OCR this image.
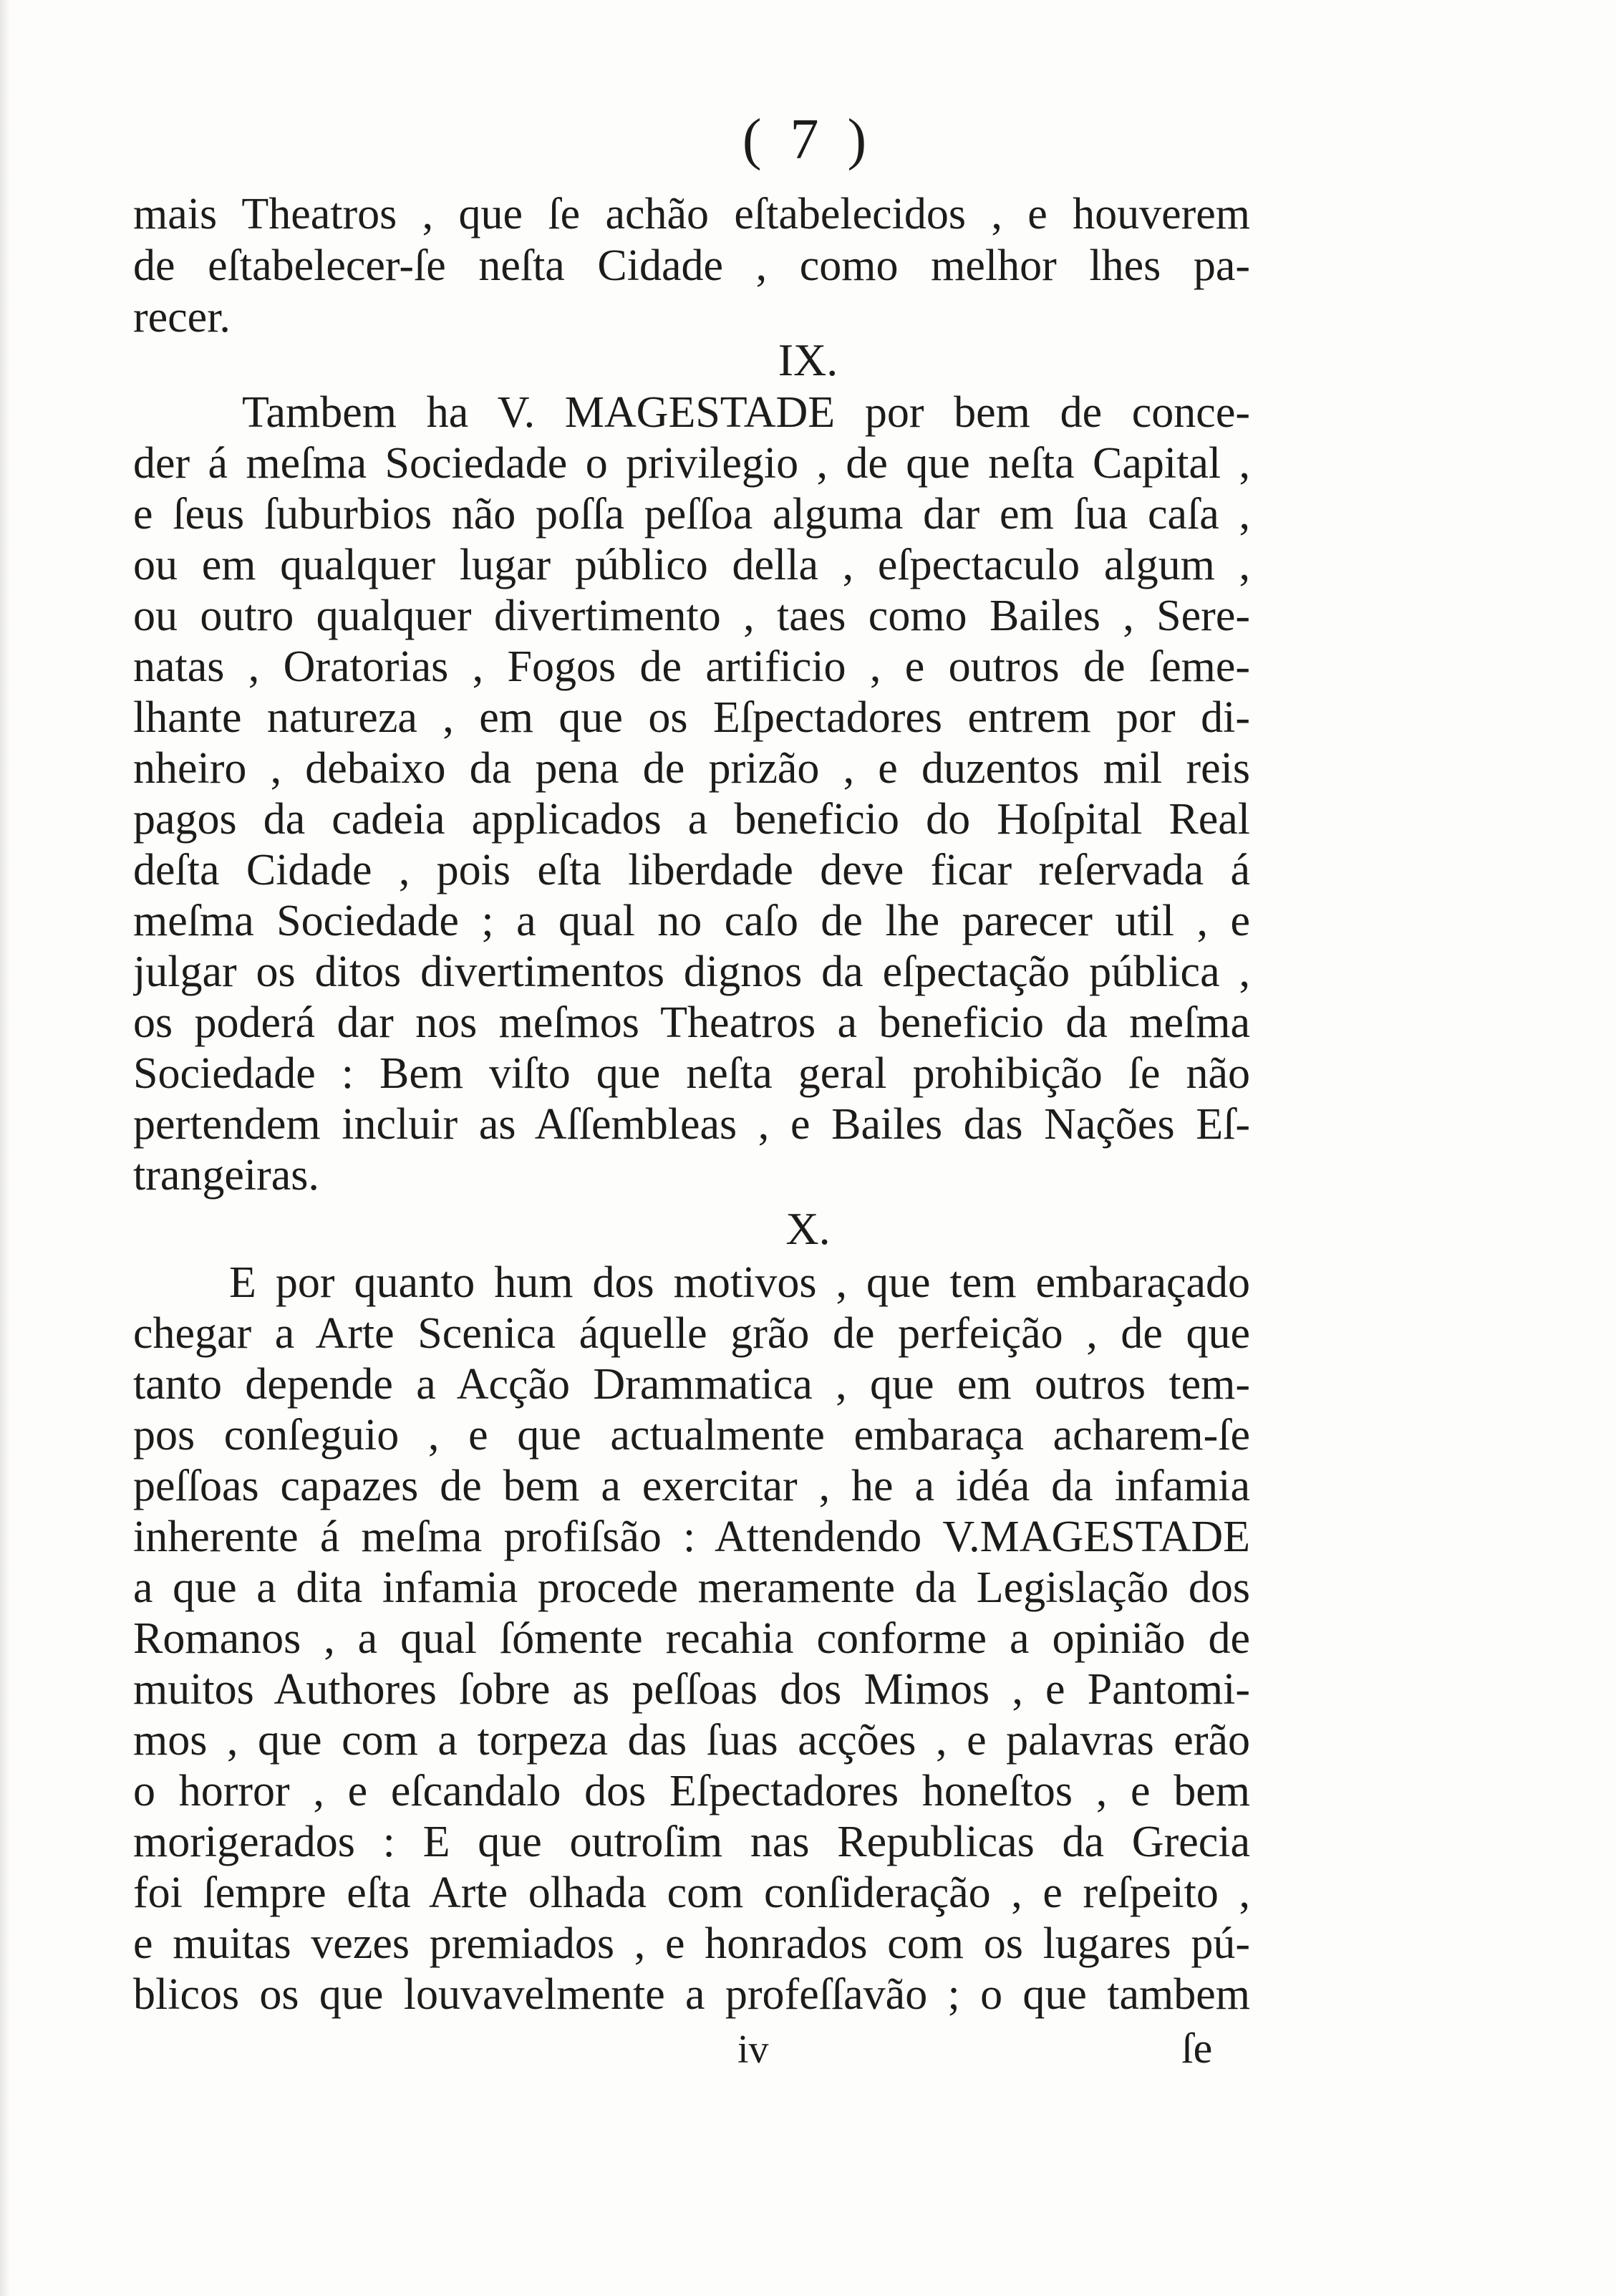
( 7 )
mais Theatros , que ſe achão eſtabelecidos , e houverem
de eſtabelecer-ſe neſta Cidade , como melhor lhes pa-
recer.
IX.
Tambem ha V. MAGESTADE por bem de conce-
der á meſma Sociedade o privilegio , de que neſta Capital ,
e ſeus ſuburbios não poſſa peſſoa alguma dar em ſua caſa ,
ou em qualquer lugar público della , eſpectaculo algum ,
ou outro qualquer divertimento , taes como Bailes , Sere-
natas , Oratorias , Fogos de artificio , e outros de ſeme-
lhante natureza , em que os Eſpectadores entrem por di-
nheiro , debaixo da pena de prizão , e duzentos mil reis
pagos da cadeia applicados a beneficio do Hoſpital Real
deſta Cidade , pois eſta liberdade deve ficar reſervada á
meſma Sociedade ; a qual no caſo de lhe parecer util , e
julgar os ditos divertimentos dignos da eſpectação pública ,
os poderá dar nos meſmos Theatros a beneficio da meſma
Sociedade : Bem viſto que neſta geral prohibição ſe não
pertendem incluir as Aſſembleas , e Bailes das Nações Eſ-
trangeiras.
X.
E por quanto hum dos motivos , que tem embaraçado
chegar a Arte Scenica áquelle grão de perfeição , de que
tanto depende a Acção Drammatica , que em outros tem-
pos conſeguio , e que actualmente embaraça acharem-ſe
peſſoas capazes de bem a exercitar , he a idéa da infamia
inherente á meſma profiſsão : Attendendo V.MAGESTADE
a que a dita infamia procede meramente da Legislação dos
Romanos , a qual ſómente recahia conforme a opinião de
muitos Authores ſobre as peſſoas dos Mimos , e Pantomi-
mos , que com a torpeza das ſuas acções , e palavras erão
o horror , e eſcandalo dos Eſpectadores honeſtos , e bem
morigerados : E que outroſim nas Republicas da Grecia
foi ſempre eſta Arte olhada com conſideração , e reſpeito ,
e muitas vezes premiados , e honrados com os lugares pú-
blicos os que louvavelmente a profeſſavão ; o que tambem
iv	ſe
